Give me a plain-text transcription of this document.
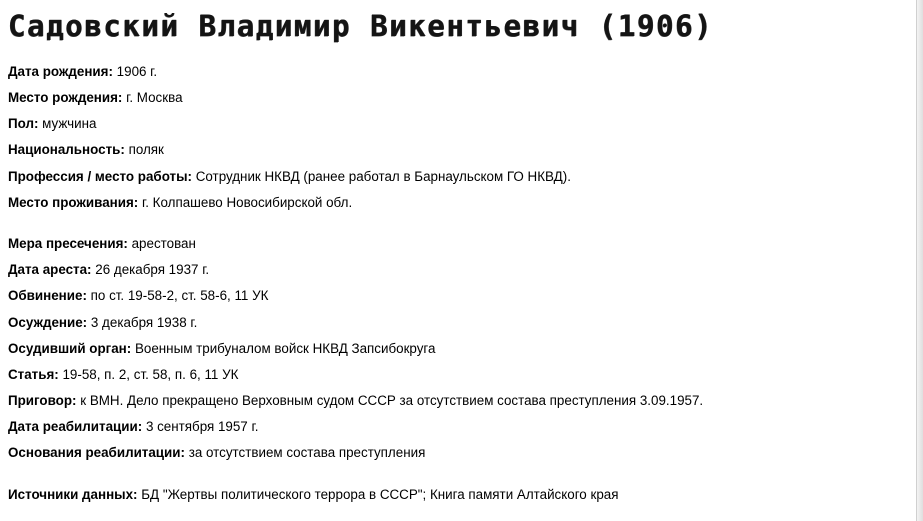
Садовский Владимир Викентьевич (1906)
Дата рождения: 1906 г.
Место рождения: г. Москва
Пол: мужчина
Национальность: поляк
Профессия / место работы: Сотрудник НКВД (ранее работал в Барнаульском ГО НКВД).
Место проживания: г. Колпашево Новосибирской обл.
Мера пресечения: арестован
Дата ареста: 26 декабря 1937 г.
Обвинение: по ст. 19-58-2, ст. 58-6, 11 УК
Осуждение: 3 декабря 1938 г.
Осудивший орган: Военным трибуналом войск НКВД Запсибокруга
Статья: 19-58, п. 2, ст. 58, п. 6, 11 УК
Приговор: к ВМН. Дело прекращено Верховным судом СССР за отсутствием состава преступления 3.09.1957.
Дата реабилитации: 3 сентября 1957 г.
Основания реабилитации: за отсутствием состава преступления
Источники данных: БД "Жертвы политического террора в СССР"; Книга памяти Алтайского края
